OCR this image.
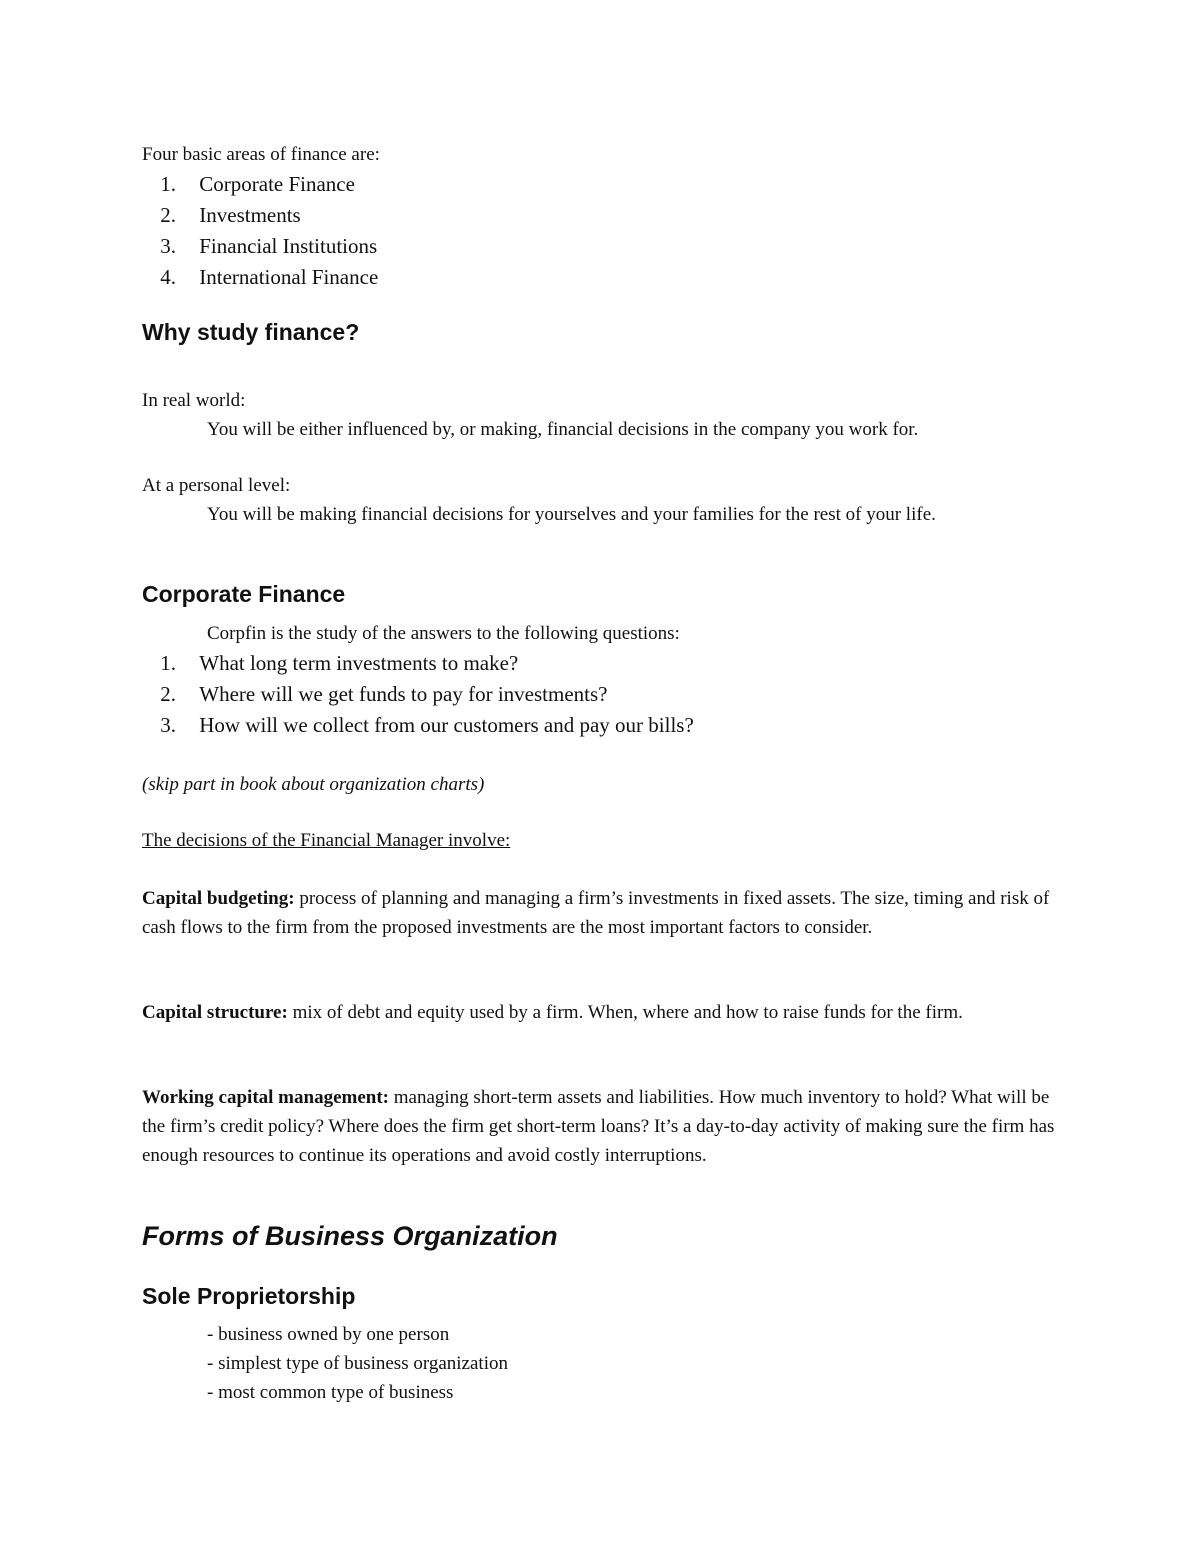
Four basic areas of finance are:

1. Corporate Finance
2. Investments
3. Financial Institutions
4. International Finance
Why study finance?

In real world:

You will be either influenced by, or making, financial decisions in the company you work for.

At a personal level:

You will be making financial decisions for yourselves and your families for the rest of your life.

Corporate Finance

Corpfin is the study of the answers to the following questions:

1. What long term investments to make?
2. Where will we get funds to pay for investments?
3. How will we collect from our customers and pay our bills?

(skip part in book about organization charts)

The decisions of the Financial Manager involve:

Capital budgeting: process of planning and managing a firm’s investments in fixed assets. The size, timing and risk of cash flows to the firm from the proposed investments are the most important factors to consider.

Capital structure: mix of debt and equity used by a firm. When, where and how to raise funds for the firm.

Working capital management: managing short-term assets and liabilities. How much inventory to hold? What will be the firm’s credit policy? Where does the firm get short-term loans? It’s a day-to-day activity of making sure the firm has enough resources to continue its operations and avoid costly interruptions.

Forms of Business Organization
Sole Proprietorship

- business owned by one person

- simplest type of business organization

- most common type of business
